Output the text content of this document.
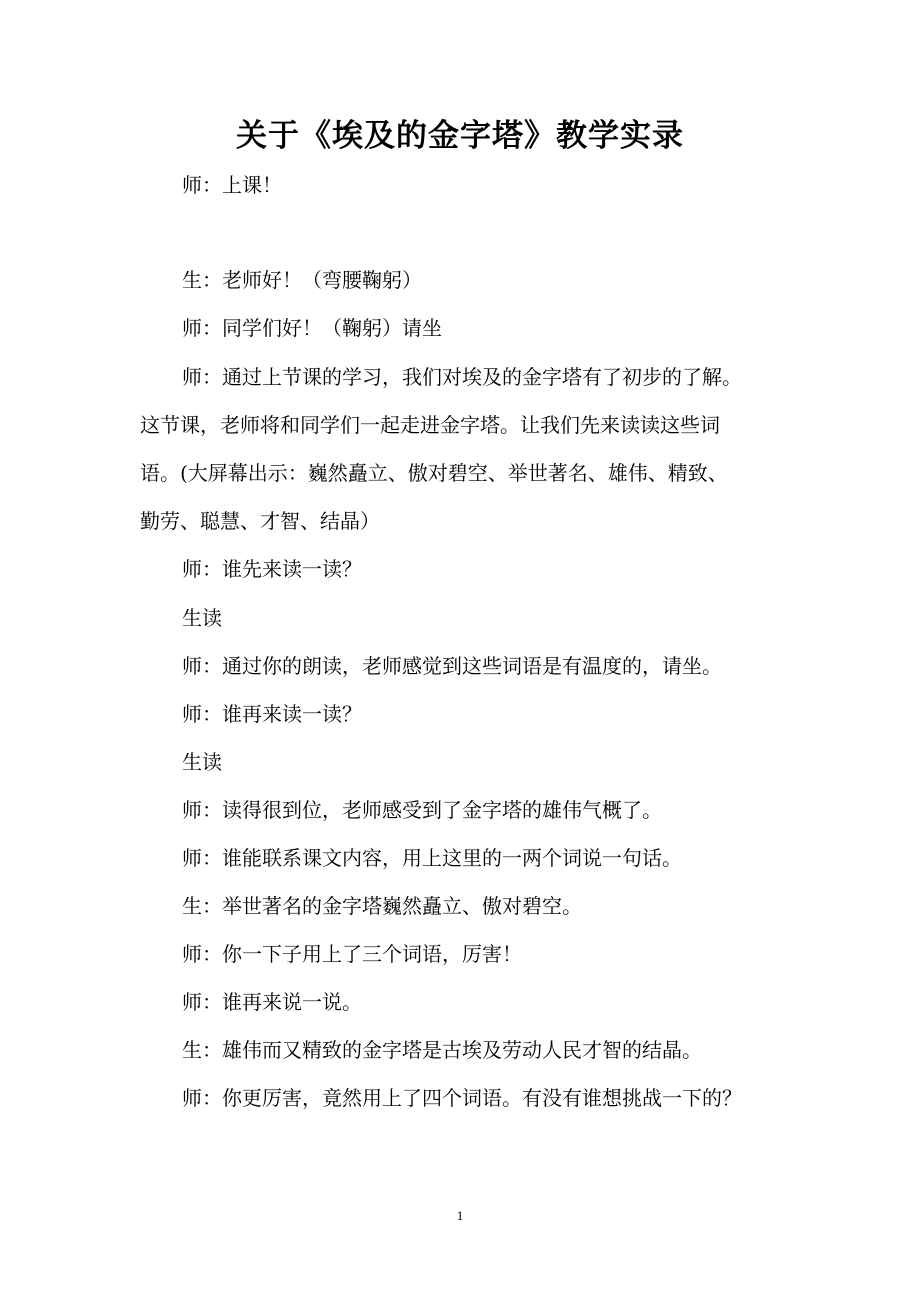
关于《埃及的金字塔》教学实录

师：上课！

生：老师好！（弯腰鞠躬）

师：同学们好！（鞠躬）请坐

师：通过上节课的学习，我们对埃及的金字塔有了初步的了解。
这节课，老师将和同学们一起走进金字塔。让我们先来读读这些词
语。(大屏幕出示：巍然矗立、傲对碧空、举世著名、雄伟、精致、
勤劳、聪慧、才智、结晶）

师：谁先来读一读？

生读

师：通过你的朗读，老师感觉到这些词语是有温度的，请坐。

师：谁再来读一读？

生读

师：读得很到位，老师感受到了金字塔的雄伟气概了。

师：谁能联系课文内容，用上这里的一两个词说一句话。

生：举世著名的金字塔巍然矗立、傲对碧空。

师：你一下子用上了三个词语，厉害！

师：谁再来说一说。

生：雄伟而又精致的金字塔是古埃及劳动人民才智的结晶。

师：你更厉害，竟然用上了四个词语。有没有谁想挑战一下的？

1
